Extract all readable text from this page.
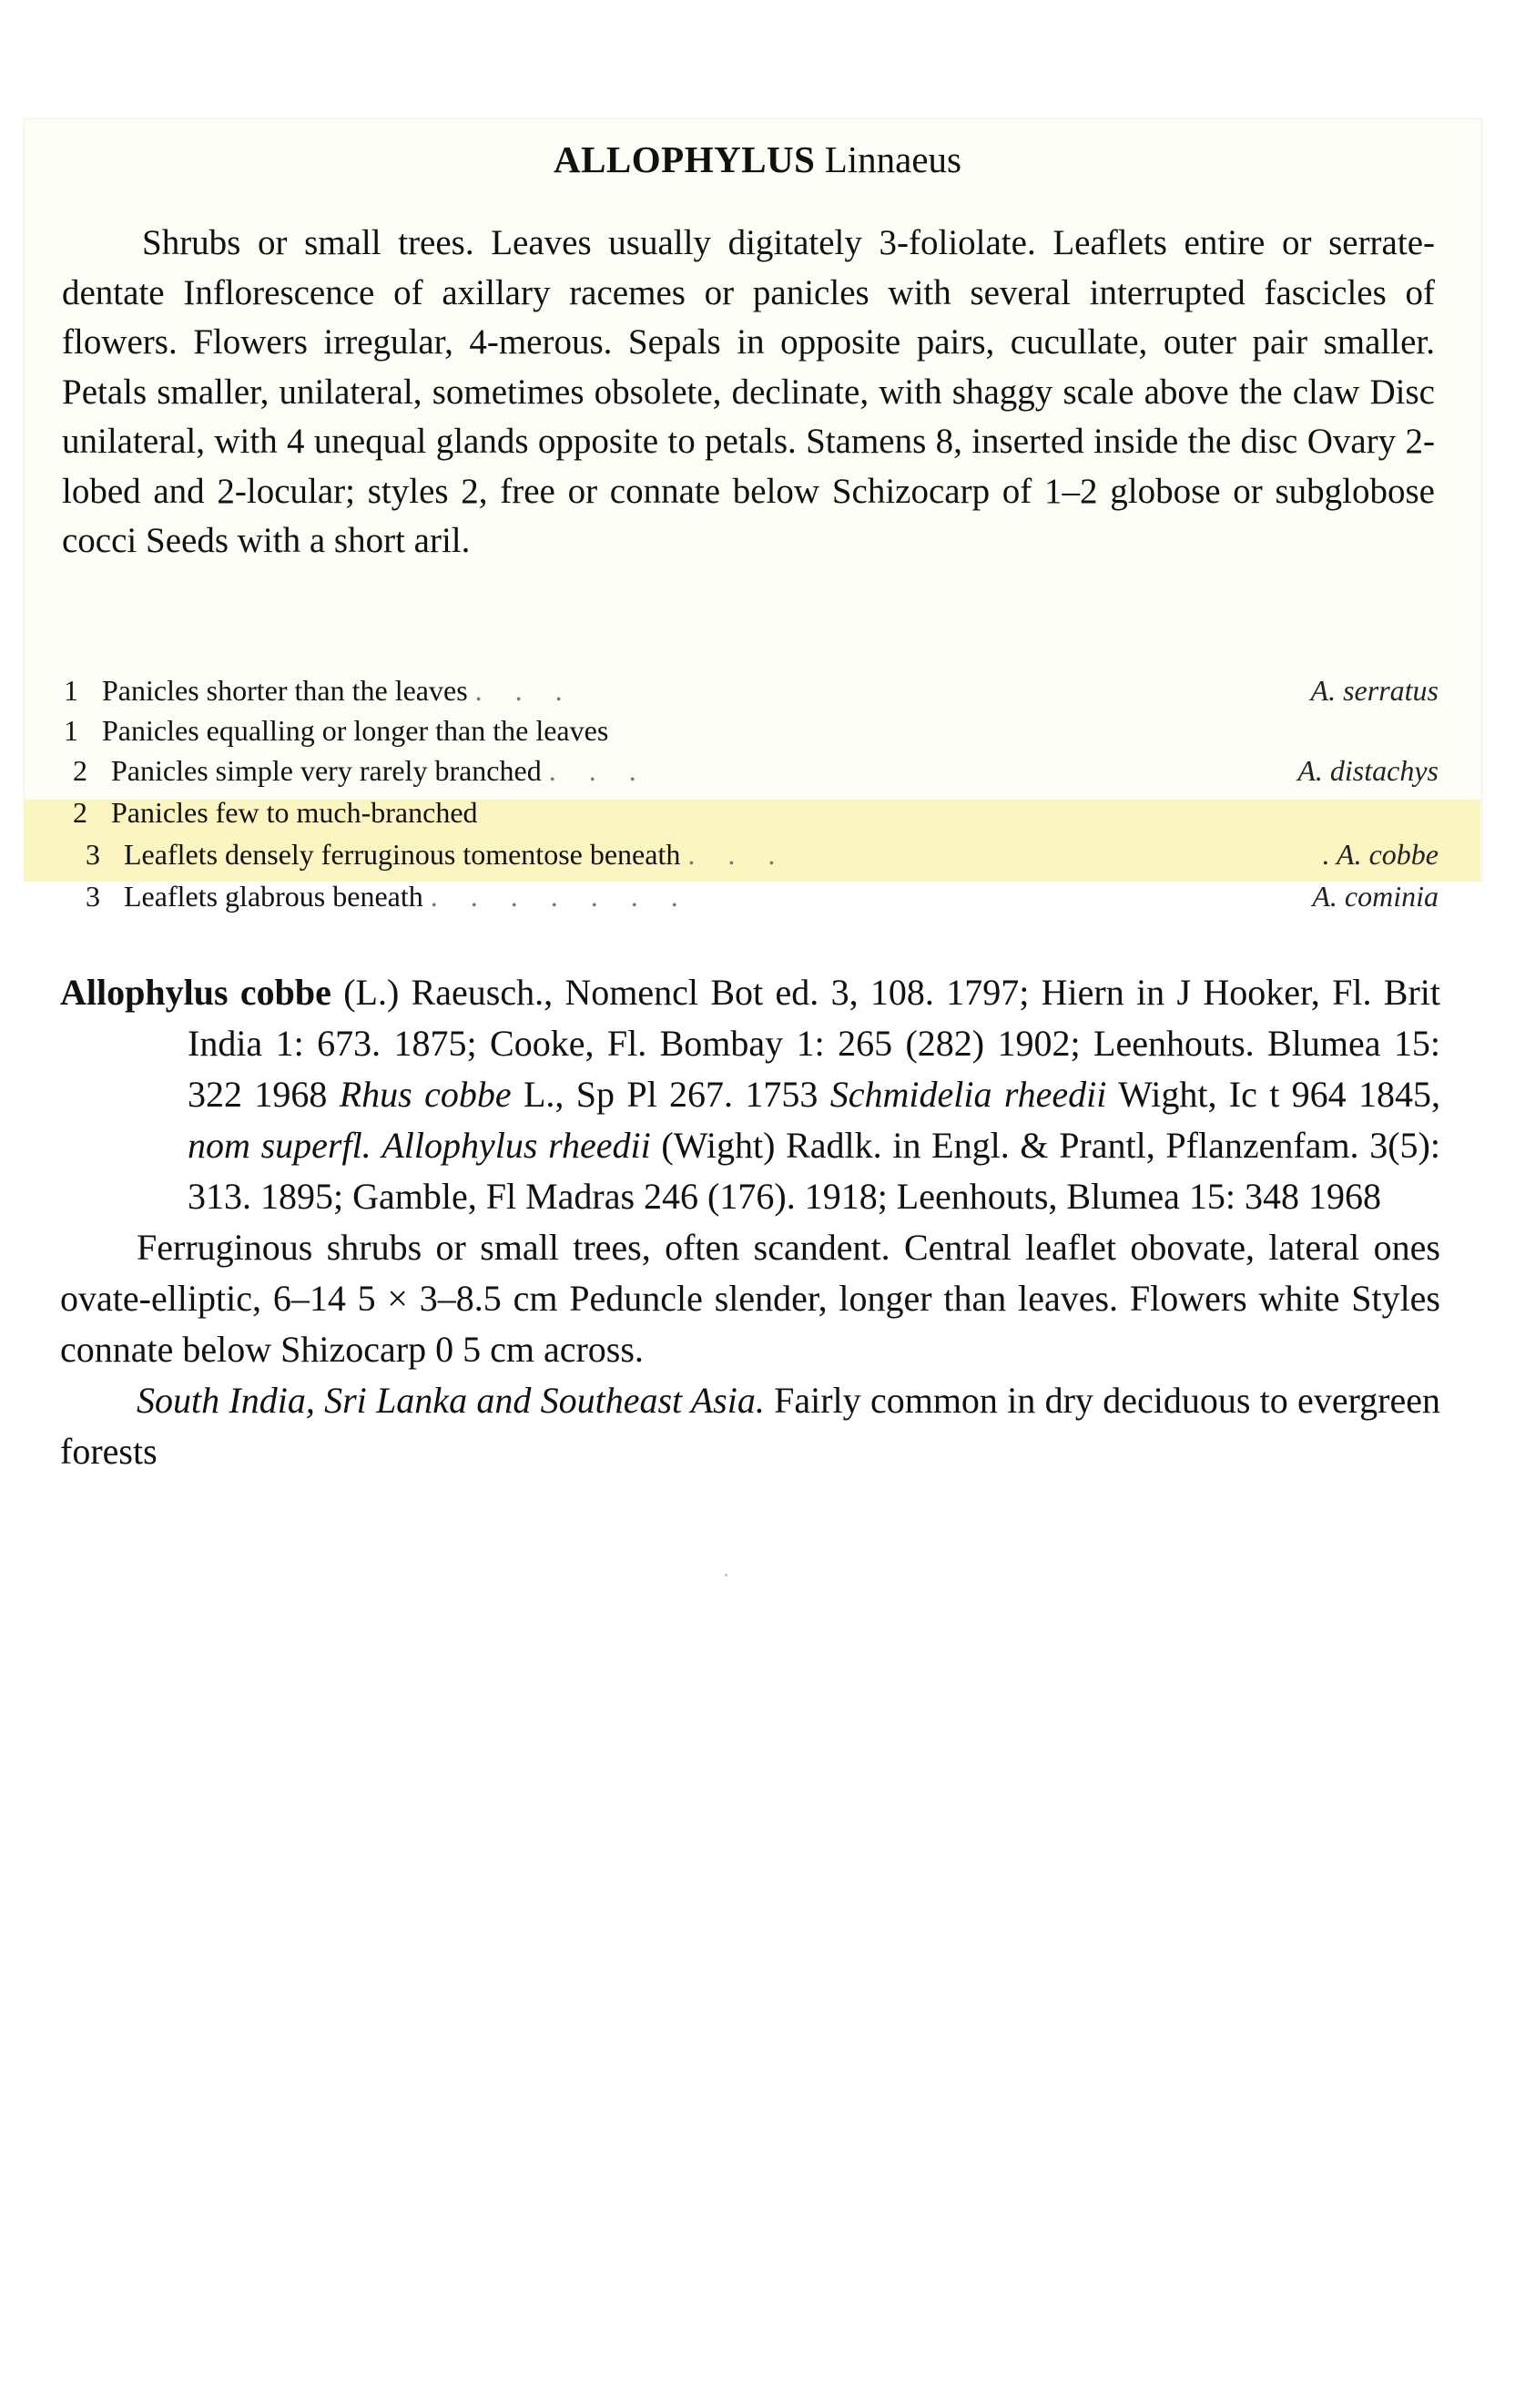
ALLOPHYLUS Linnaeus

Shrubs or small trees. Leaves usually digitately 3-foliolate. Leaflets entire or serrate-dentate Inflorescence of axillary racemes or panicles with several interrupted fascicles of flowers. Flowers irregular, 4-merous. Sepals in opposite pairs, cucullate, outer pair smaller. Petals smaller, unilateral, sometimes obsolete, declinate, with shaggy scale above the claw Disc unilateral, with 4 unequal glands opposite to petals. Stamens 8, inserted inside the disc Ovary 2-lobed and 2-locular; styles 2, free or connate below Schizocarp of 1–2 globose or subglobose cocci Seeds with a short aril.

1 Panicles shorter than the leaves . . .	A. serratus
1 Panicles equalling or longer than the leaves
2 Panicles simple very rarely branched . . .	A. distachys
2 Panicles few to much-branched
3 Leaflets densely ferruginous tomentose beneath . . .	. A. cobbe
3 Leaflets glabrous beneath . . . . . . .	A. cominia

Allophylus cobbe (L.) Raeusch., Nomencl Bot ed. 3, 108. 1797; Hiern in J Hooker, Fl. Brit India 1: 673. 1875; Cooke, Fl. Bombay 1: 265 (282) 1902; Leenhouts. Blumea 15: 322 1968 Rhus cobbe L., Sp Pl 267. 1753 Schmidelia rheedii Wight, Ic t 964 1845, nom superfl. Allophylus rheedii (Wight) Radlk. in Engl. & Prantl, Pflanzenfam. 3(5): 313. 1895; Gamble, Fl Madras 246 (176). 1918; Leenhouts, Blumea 15: 348 1968

Ferruginous shrubs or small trees, often scandent. Central leaflet obovate, lateral ones ovate-elliptic, 6–14 5 × 3–8.5 cm Peduncle slender, longer than leaves. Flowers white Styles connate below Shizocarp 0 5 cm across.

South India, Sri Lanka and Southeast Asia. Fairly common in dry deciduous to evergreen forests
